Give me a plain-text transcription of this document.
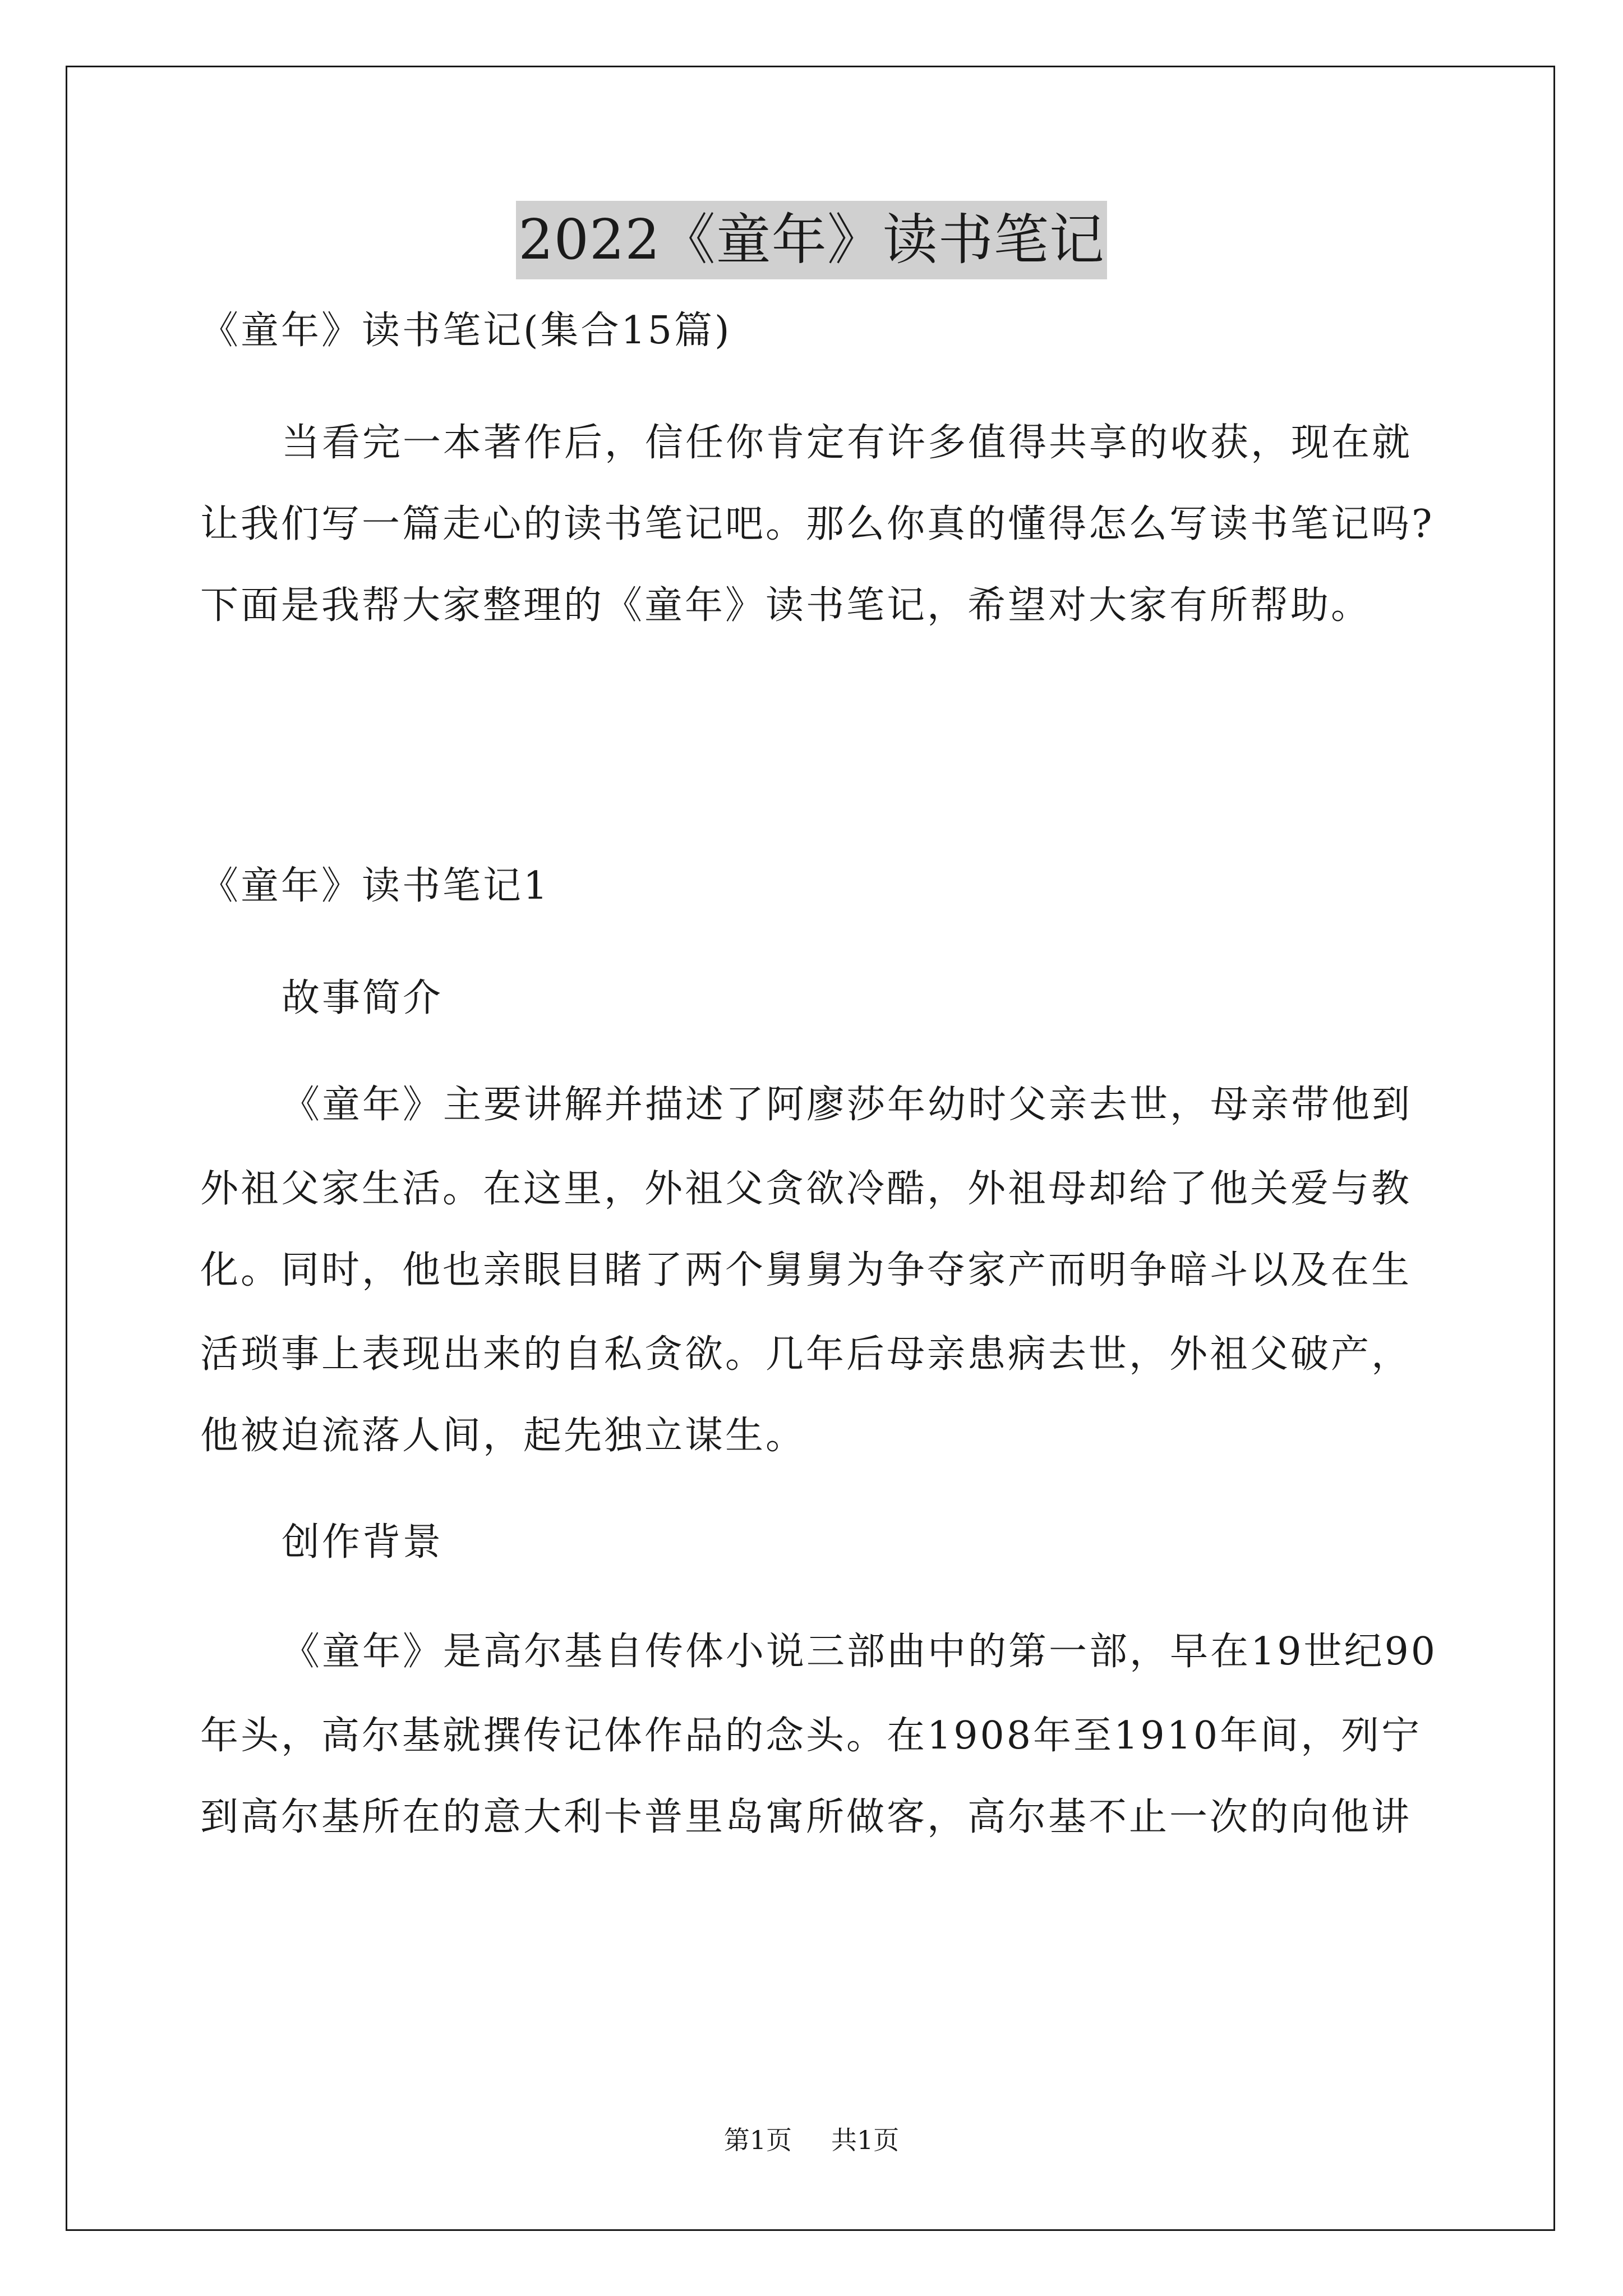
2022《童年》读书笔记
《童年》读书笔记(集合15篇)
当看完一本著作后，信任你肯定有许多值得共享的收获，现在就
让我们写一篇走心的读书笔记吧。那么你真的懂得怎么写读书笔记吗?
下面是我帮大家整理的《童年》读书笔记，希望对大家有所帮助。
《童年》读书笔记1
故事简介
《童年》主要讲解并描述了阿廖莎年幼时父亲去世，母亲带他到
外祖父家生活。在这里，外祖父贪欲冷酷，外祖母却给了他关爱与教
化。同时，他也亲眼目睹了两个舅舅为争夺家产而明争暗斗以及在生
活琐事上表现出来的自私贪欲。几年后母亲患病去世，外祖父破产，
他被迫流落人间，起先独立谋生。
创作背景
《童年》是高尔基自传体小说三部曲中的第一部，早在19世纪90
年头，高尔基就撰传记体作品的念头。在1908年至1910年间，列宁
到高尔基所在的意大利卡普里岛寓所做客，高尔基不止一次的向他讲
第1页 共1页
